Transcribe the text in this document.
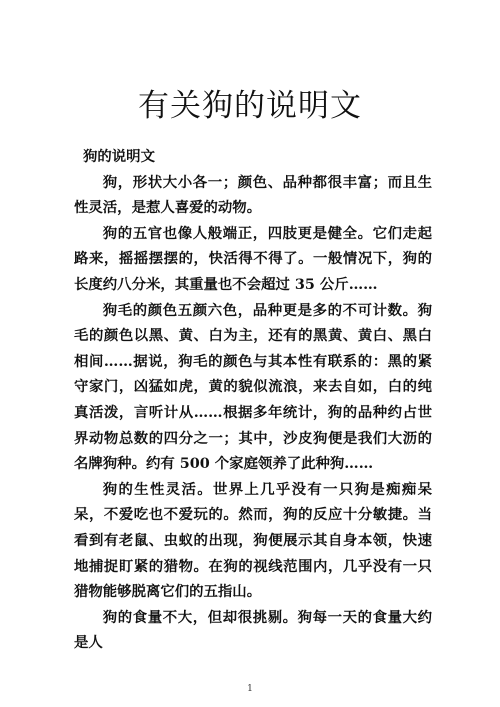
有关狗的说明文

狗的说明文

狗，形状大小各一；颜色、品种都很丰富；而且生性灵活，是惹人喜爱的动物。

狗的五官也像人般端正，四肢更是健全。它们走起路来，摇摇摆摆的，快活得不得了。一般情况下，狗的长度约八分米，其重量也不会超过 35 公斤……

狗毛的颜色五颜六色，品种更是多的不可计数。狗毛的颜色以黑、黄、白为主，还有的黑黄、黄白、黑白相间……据说，狗毛的颜色与其本性有联系的：黑的紧守家门，凶猛如虎，黄的貌似流浪，来去自如，白的纯真活泼，言听计从……根据多年统计，狗的品种约占世界动物总数的四分之一；其中，沙皮狗便是我们大沥的名牌狗种。约有 500 个家庭领养了此种狗……

狗的生性灵活。世界上几乎没有一只狗是痴痴呆呆，不爱吃也不爱玩的。然而，狗的反应十分敏捷。当看到有老鼠、虫蚁的出现，狗便展示其自身本领，快速地捕捉盯紧的猎物。在狗的视线范围内，几乎没有一只猎物能够脱离它们的五指山。

狗的食量不大，但却很挑剔。狗每一天的食量大约是人

1
